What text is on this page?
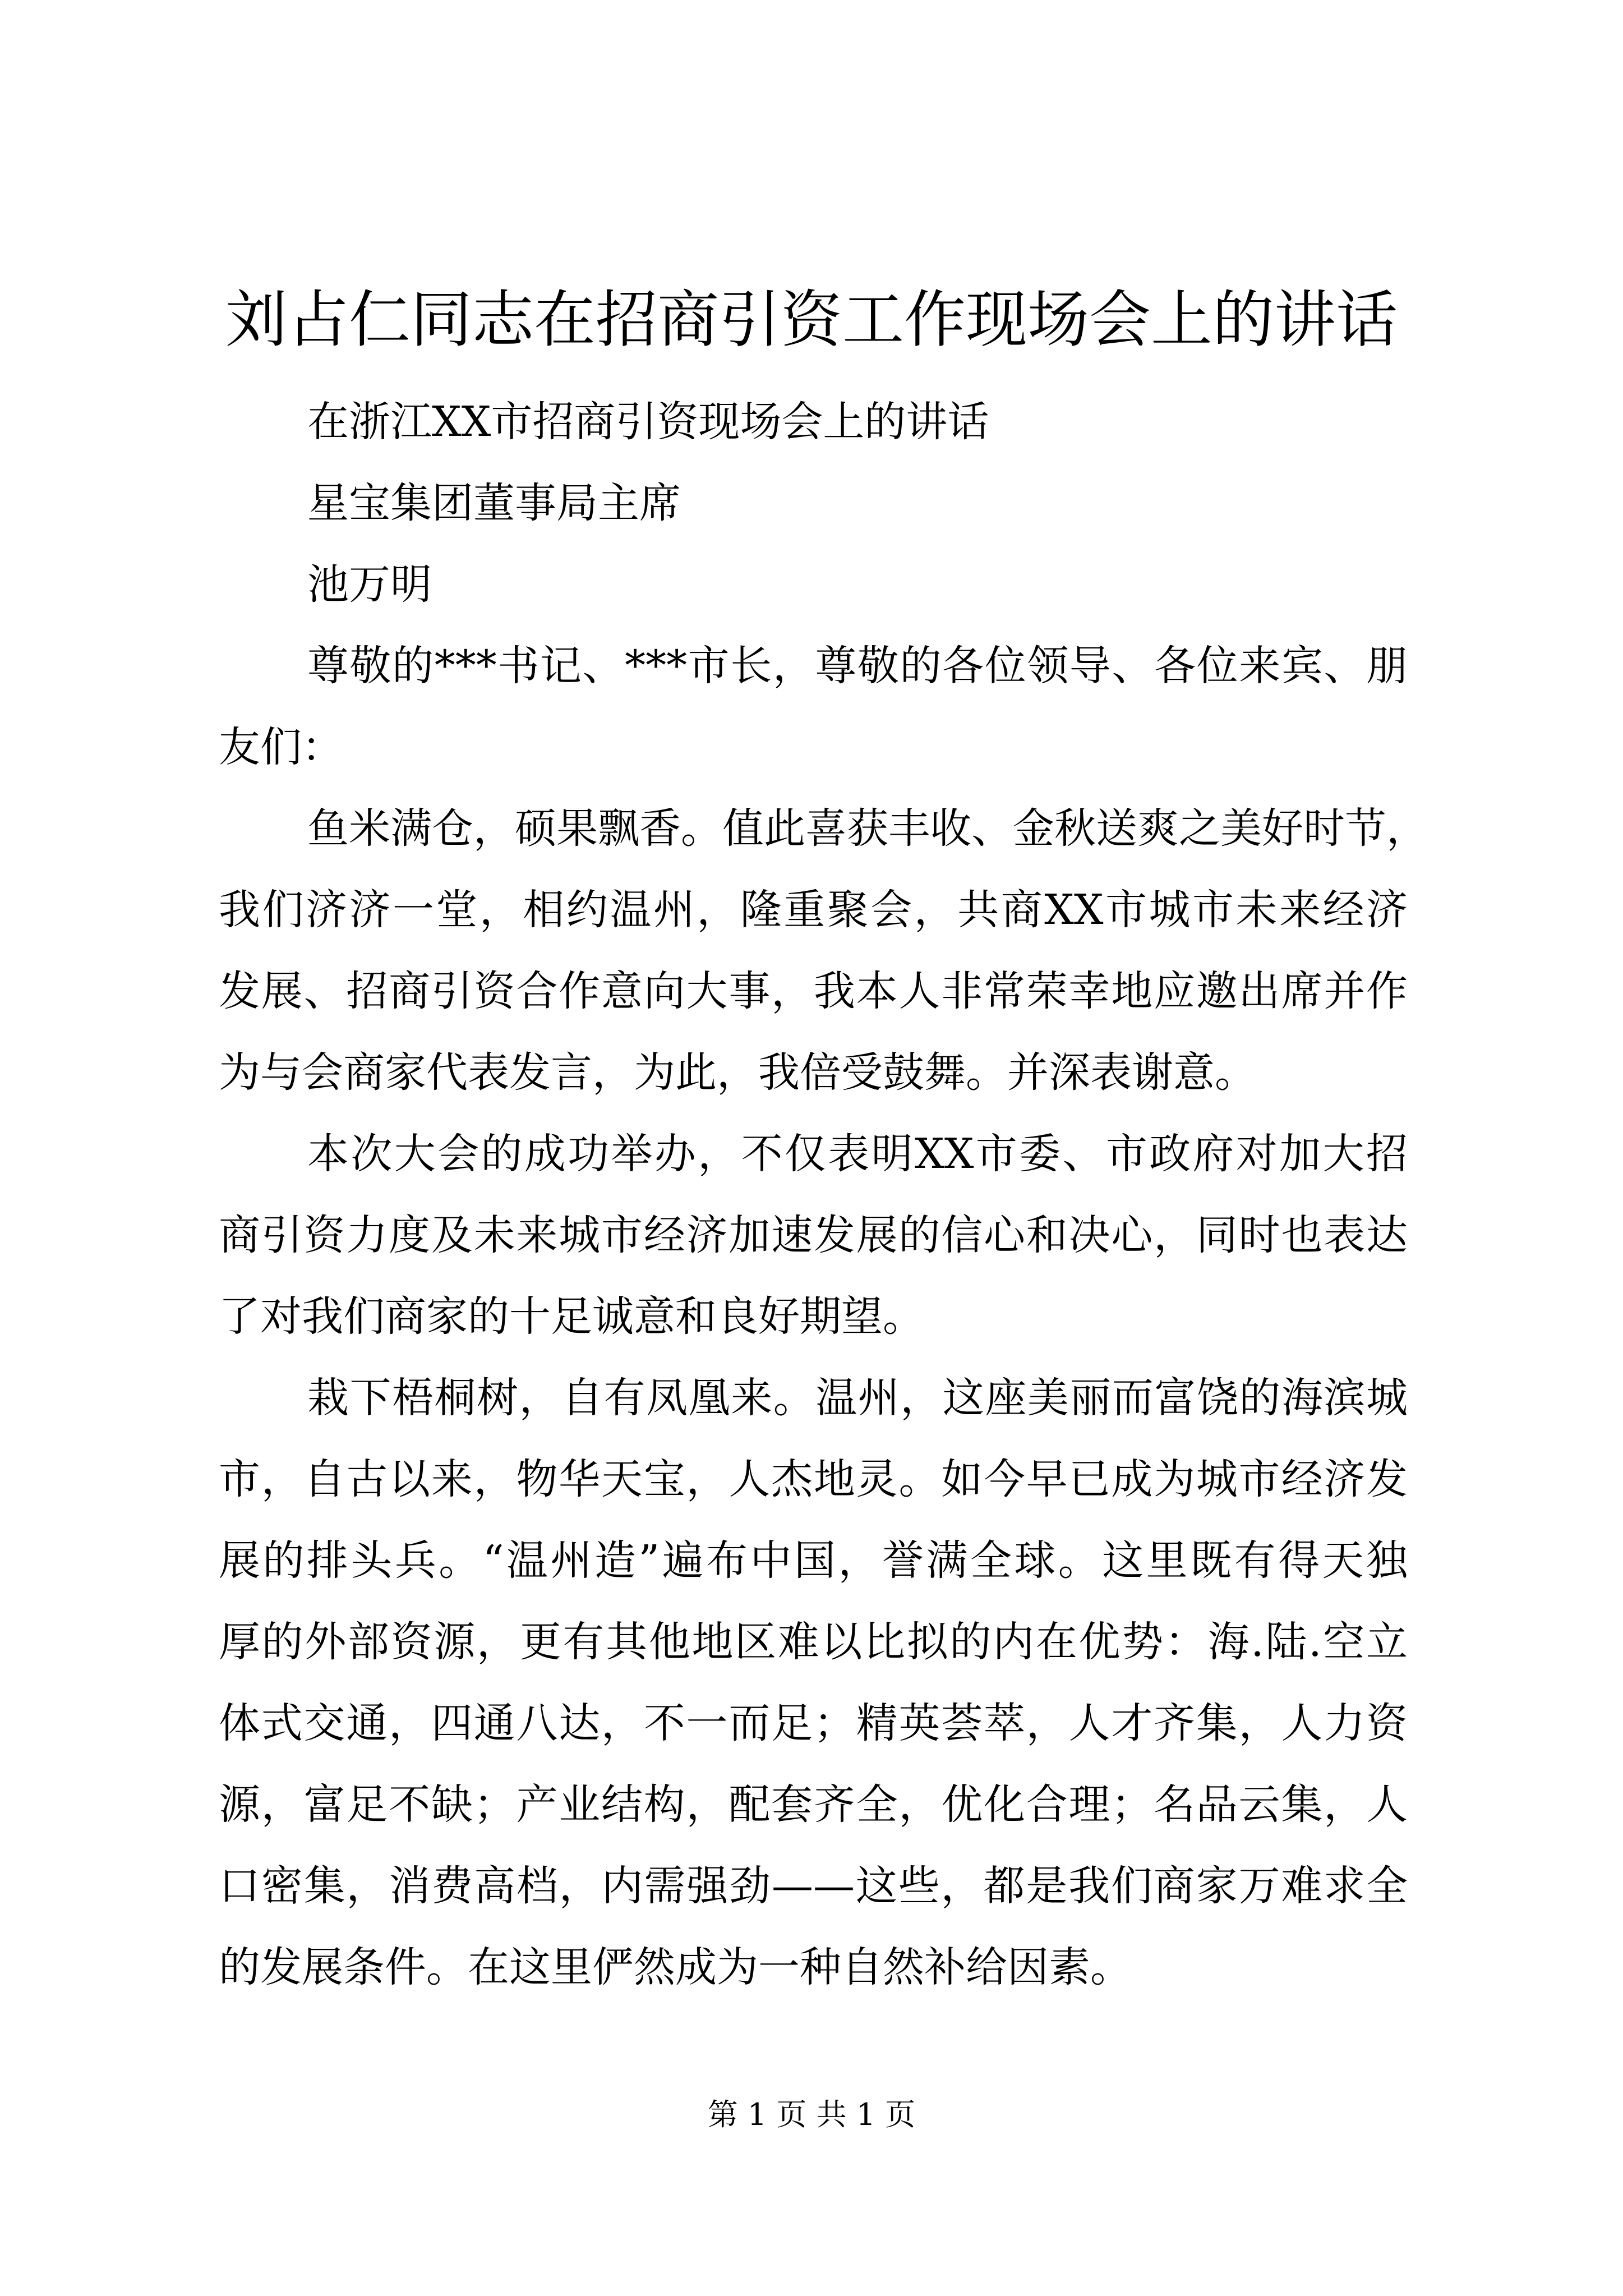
刘占仁同志在招商引资工作现场会上的讲话

在浙江XX市招商引资现场会上的讲话

星宝集团董事局主席

池万明

尊敬的***书记、***市长，尊敬的各位领导、各位来宾、朋

友们：

鱼米满仓，硕果飘香。值此喜获丰收、金秋送爽之美好时节，

我们济济一堂，相约温州，隆重聚会，共商XX市城市未来经济

发展、招商引资合作意向大事，我本人非常荣幸地应邀出席并作

为与会商家代表发言，为此，我倍受鼓舞。并深表谢意。

本次大会的成功举办，不仅表明XX市委、市政府对加大招

商引资力度及未来城市经济加速发展的信心和决心，同时也表达

了对我们商家的十足诚意和良好期望。

栽下梧桐树，自有凤凰来。温州，这座美丽而富饶的海滨城

市，自古以来，物华天宝，人杰地灵。如今早已成为城市经济发

展的排头兵。“温州造”遍布中国，誉满全球。这里既有得天独

厚的外部资源，更有其他地区难以比拟的内在优势：海.陆.空立

体式交通，四通八达，不一而足；精英荟萃，人才齐集，人力资

源，富足不缺；产业结构，配套齐全，优化合理；名品云集，人

口密集，消费高档，内需强劲——这些，都是我们商家万难求全

的发展条件。在这里俨然成为一种自然补给因素。

第 1 页 共 1 页
